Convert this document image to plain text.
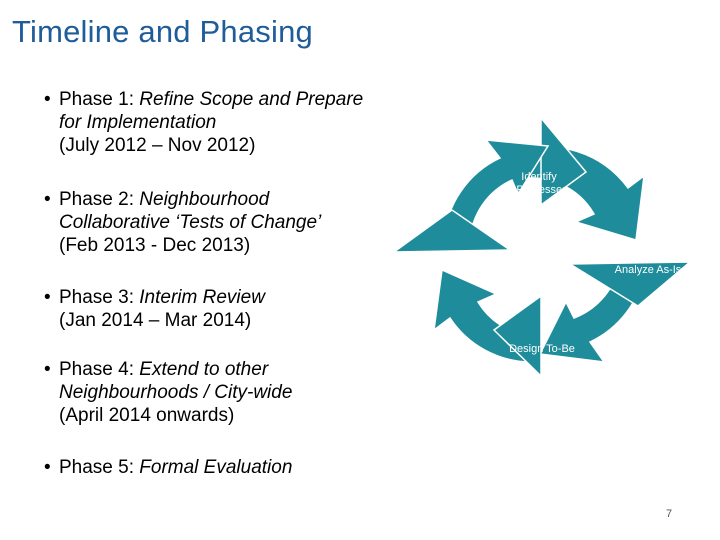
Timeline and Phasing
• Phase 1: Refine Scope and Prepare for Implementation
(July 2012 – Nov 2012)
• Phase 2: Neighbourhood Collaborative ‘Tests of Change’
(Feb 2013 - Dec 2013)
• Phase 3: Interim Review
(Jan 2014 – Mar 2014)
• Phase 4: Extend to other Neighbourhoods / City-wide
(April 2014 onwards)
• Phase 5: Formal Evaluation
Identify
Processes
Review,
Update
Analyze As-Is
Design To-Be
Test & Implement
To-Be
7
